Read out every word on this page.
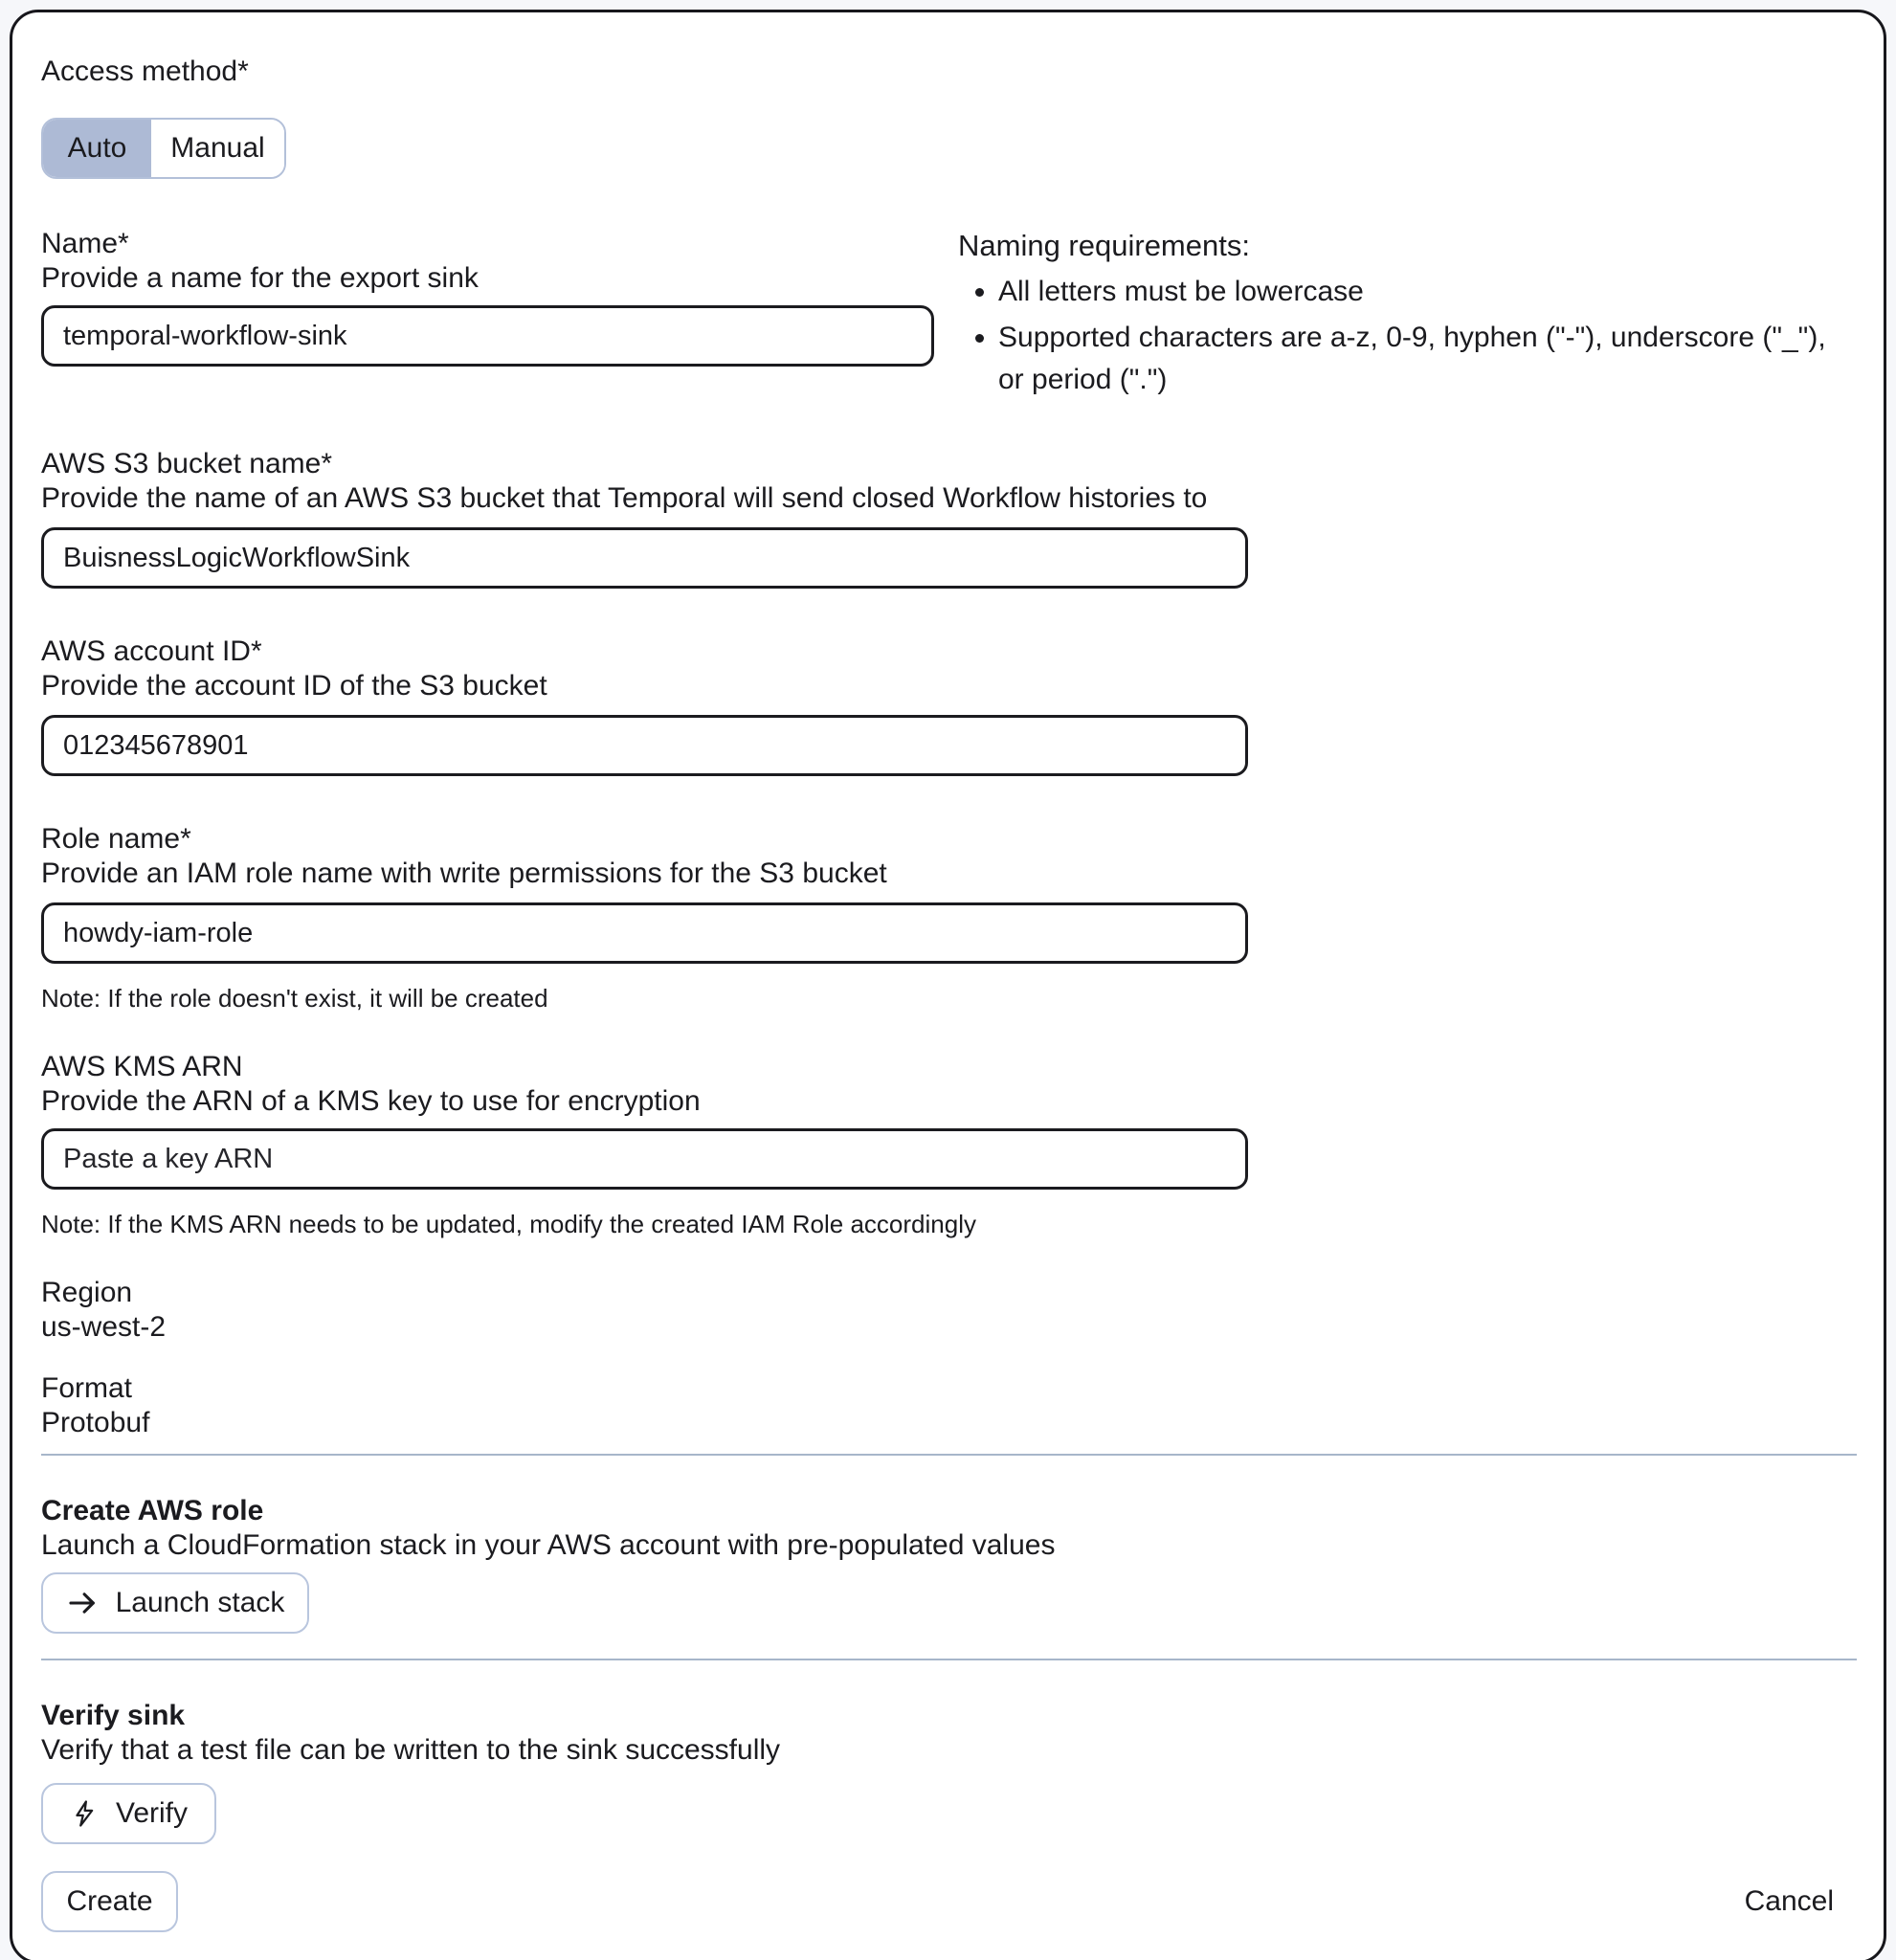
Access method*
Auto	Manual
Name*
Provide a name for the export sink
temporal-workflow-sink
Naming requirements:
• All letters must be lowercase
• Supported characters are a-z, 0-9, hyphen ("-"), underscore ("_"), or period (".")
AWS S3 bucket name*
Provide the name of an AWS S3 bucket that Temporal will send closed Workflow histories to
BuisnessLogicWorkflowSink
AWS account ID*
Provide the account ID of the S3 bucket
012345678901
Role name*
Provide an IAM role name with write permissions for the S3 bucket
howdy-iam-role
Note: If the role doesn't exist, it will be created
AWS KMS ARN
Provide the ARN of a KMS key to use for encryption
Paste a key ARN
Note: If the KMS ARN needs to be updated, modify the created IAM Role accordingly
Region
us-west-2
Format
Protobuf
Create AWS role
Launch a CloudFormation stack in your AWS account with pre-populated values
Launch stack
Verify sink
Verify that a test file can be written to the sink successfully
Verify
Create	Cancel
